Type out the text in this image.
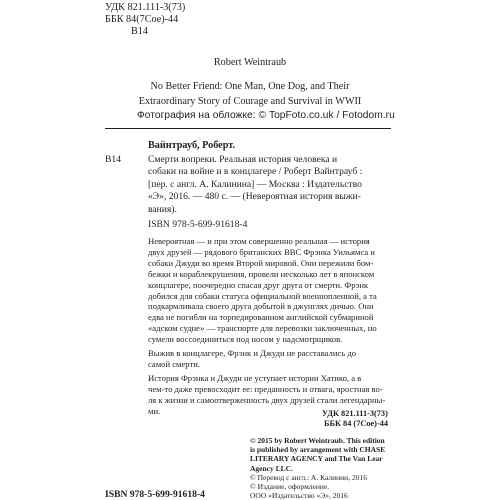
УДК 821.111-3(73)
ББК 84(7Сое)-44
В14
Robert Weintraub
No Better Friend: One Man, One Dog, and Their
Extraordinary Story of Courage and Survival in WWII
Фотография на обложке: © TopFoto.co.uk / Fotodom.ru
В14
Вайнтрауб, Роберт.
Смерти вопреки. Реальная история человека и
собаки на войне и в концлагере / Роберт Вайнтрауб :
[пер. с англ. А. Калинина] — Москва : Издательство
«Э», 2016. — 480 с. — (Невероятная история выжи-
вания).
ISBN 978-5-699-91618-4
Невероятная — и при этом совершенно реальная — история
двух друзей — рядового британских ВВС Фрэнка Уильямса и
собаки Джуди во время Второй мировой. Они пережили бом-
бежки и кораблекрушения, провели несколько лет в японском
концлагере, поочередно спасая друг друга от смерти. Фрэнк
добился для собаки статуса официальной военнопленной, а та
подкармливала своего друга добытой в джунглях дичью. Они
едва не погибли на торпедированном английской субмариной
«адском судне» — транспорте для перевозки заключенных, но
сумели воссоединиться под носом у надсмотрщиков.
Выжив в концлагере, Фрэнк и Джуди не расставались до
самой смерти.
История Фрэнка и Джуди не уступает истории Хатико, а в
чем-то даже превосходит ее: преданность и отвага, яростная во-
ля к жизни и самоотверженность двух друзей стали легендарны-
ми.	УДК 821.111-3(73)
ББК 84 (7Сое)-44
© 2015 by Robert Weintraub. This edition
is published by arrangement with CHASE
LITERARY AGENCY and The Van Lear
Agency LLC.
© Перевод с англ.: А. Калинин, 2016
© Издание, оформление.
ООО «Издательство «Э», 2016
ISBN 978-5-699-91618-4
